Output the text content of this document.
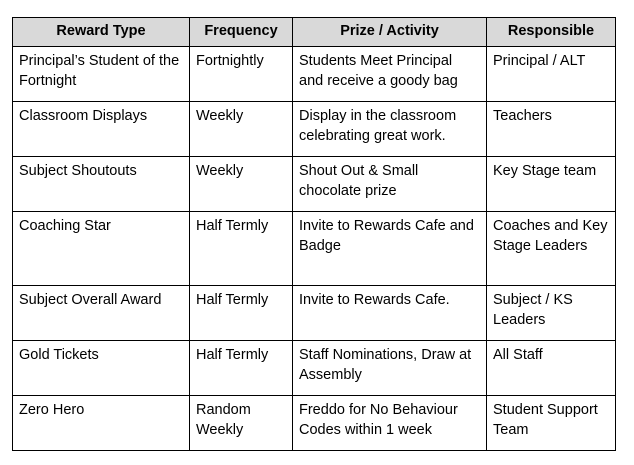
Reward Type	Frequency	Prize / Activity	Responsible
Principal’s Student of the Fortnight	Fortnightly	Students Meet Principal and receive a goody bag	Principal / ALT
Classroom Displays	Weekly	Display in the classroom celebrating great work.	Teachers
Subject Shoutouts	Weekly	Shout Out & Small chocolate prize	Key Stage team
Coaching Star	Half Termly	Invite to Rewards Cafe and Badge	Coaches and Key Stage Leaders
Subject Overall Award	Half Termly	Invite to Rewards Cafe.	Subject / KS Leaders
Gold Tickets	Half Termly	Staff Nominations, Draw at Assembly	All Staff
Zero Hero	Random Weekly	Freddo for No Behaviour Codes within 1 week	Student Support Team
